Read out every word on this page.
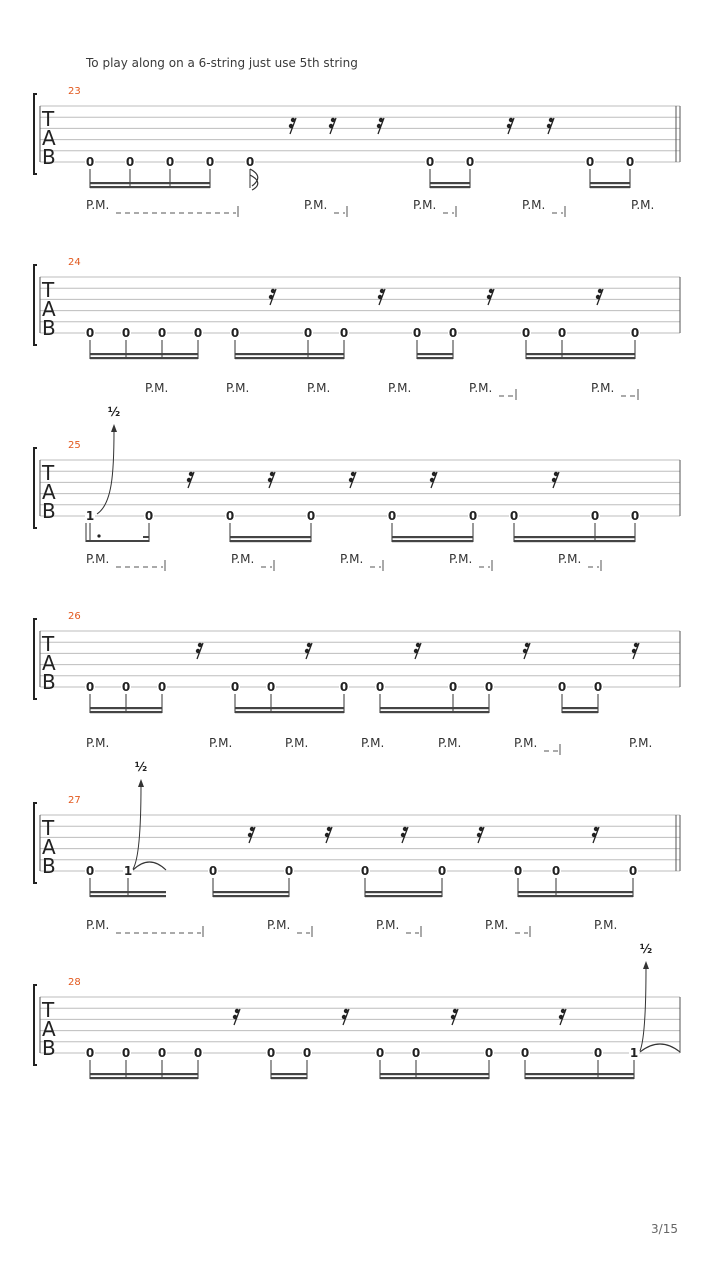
To play along on a 6-string just use 5th string
23
T
A
B	0	0	0	0	0	0	0	0	0
24
P.M.	P.M.	P.M.	P.M.	P.M.
T
A
B	0 0 0 0 0	0 0	0 0	0 0	0
25
P.M.	P.M.	P.M.	P.M.	P.M.	P.M.
T
A
B	1	0	0	0	0	0	0	0	0
½
26
P.M.	P.M.	P.M.	P.M.	P.M.
T
A
B	0 0 0	0 0	0 0	0 0	0 0
27
P.M.	P.M.	P.M.	P.M.	P.M.	P.M.	P.M.
T
A
B	0 1	0	0	0	0	0 0	0
½
28
P.M.	P.M.	P.M.	P.M.	P.M.
T
A
B	0 0 0 0	0 0	0 0	0 0	0 1
½
3/15
